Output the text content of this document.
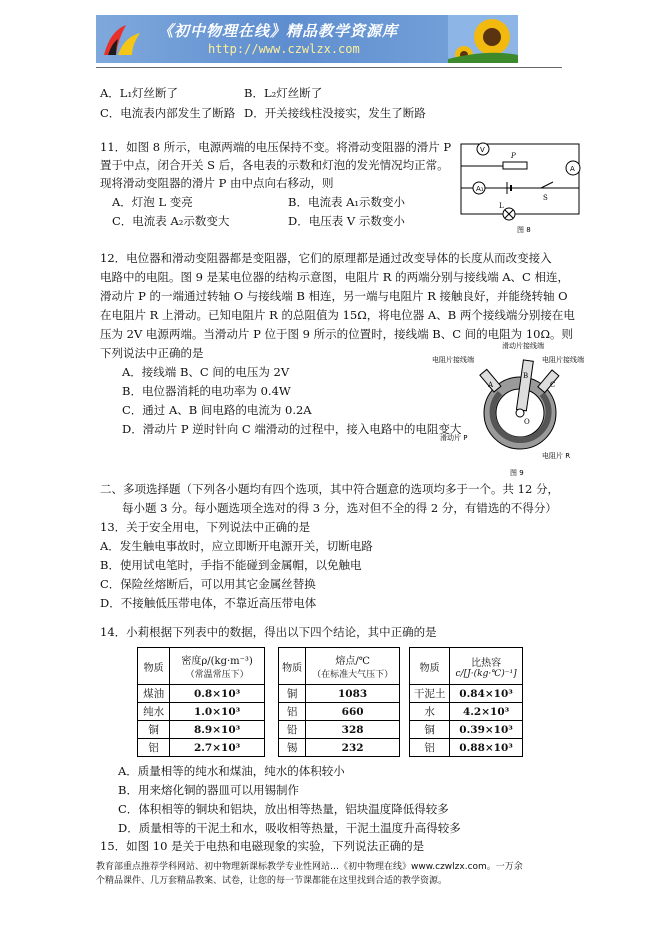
《初中物理在线》精品教学资源库
http://www.czwlzx.com
A．L₁灯丝断了	B．L₂灯丝断了
C．电流表内部发生了断路 D．开关接线柱没接实，发生了断路
11．如图 8 所示，电源两端的电压保持不变。将滑动变阻器的滑片 P
置于中点，闭合开关 S 后，各电表的示数和灯泡的发光情况均正常。
现将滑动变阻器的滑片 P 由中点向右移动，则
A．灯泡 L 变亮	B．电流表 A₁示数变小
C．电流表 A₂示数变大	D．电压表 V 示数变小
V
P
A₁
A
S
L
图 8
12．电位器和滑动变阻器都是变阻器，它们的原理都是通过改变导体的长度从而改变接入
电路中的电阻。图 9 是某电位器的结构示意图，电阻片 R 的两端分别与接线端 A、C 相连，
滑动片 P 的一端通过转轴 O 与接线端 B 相连，另一端与电阻片 R 接触良好，并能绕转轴 O
在电阻片 R 上滑动。已知电阻片 R 的总阻值为 15Ω，将电位器 A、B 两个接线端分别接在电
压为 2V 电源两端。当滑动片 P 位于图 9 所示的位置时，接线端 B、C 间的电阻为 10Ω。则
下列说法中正确的是
A．接线端 B、C 间的电压为 2V
B．电位器消耗的电功率为 0.4W
C．通过 A、B 间电路的电流为 0.2A
D．滑动片 P 逆时针向 C 端滑动的过程中，接入电路中的电阻变大
滑动片接线端
电阻片接线端	电阻片接线端
A
B
C
O
滑动片 P
电阻片 R
图 9
二、多项选择题（下列各小题均有四个选项，其中符合题意的选项均多于一个。共 12 分，
每小题 3 分。每小题选项全选对的得 3 分，选对但不全的得 2 分，有错选的不得分）
13．关于安全用电，下列说法中正确的是
A．发生触电事故时，应立即断开电源开关，切断电路
B．使用试电笔时，手指不能碰到金属帽，以免触电
C．保险丝熔断后，可以用其它金属丝替换
D．不接触低压带电体，不靠近高压带电体
14．小莉根据下列表中的数据，得出以下四个结论，其中正确的是
物质	密度ρ/(kg·m⁻³)
（常温常压下）

煤油	0.8×10³
纯水	1.0×10³
铜	8.9×10³
铝	2.7×10³
物质	熔点/℃
（在标准大气压下）

铜	1083
铝	660
铅	328
锡	232
物质	比热容
c/[J·(kg·℃)⁻¹]

干泥土	0.84×10³
水	4.2×10³
铜	0.39×10³
铝	0.88×10³
A．质量相等的纯水和煤油，纯水的体积较小
B．用来熔化铜的器皿可以用锡制作
C．体积相等的铜块和铝块，放出相等热量，铝块温度降低得较多
D．质量相等的干泥土和水，吸收相等热量，干泥土温度升高得较多
15．如图 10 是关于电热和电磁现象的实验，下列说法正确的是
教育部重点推荐学科网站、初中物理新课标教学专业性网站…《初中物理在线》www.czwlzx.com。一万余
个精品课件、几万套精品教案、试卷，让您的每一节课都能在这里找到合适的教学资源。
